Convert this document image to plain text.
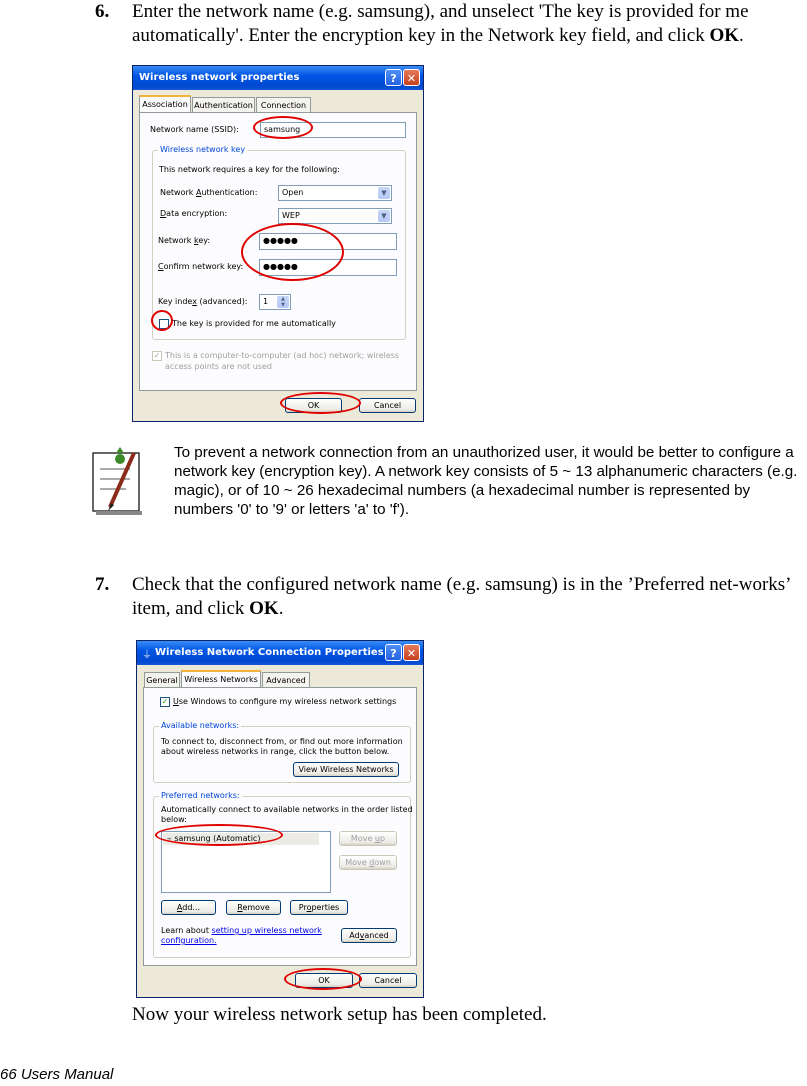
6. Enter the network name (e.g. samsung), and unselect 'The key is provided for me automatically'. Enter the encryption key in the Network key field, and click OK.
Wireless network properties	? ✕
Association Authentication	Connection
Network name (SSID):	samsung
Wireless network key
This network requires a key for the following:
Network Authentication:	Open	▼
Data encryption:	WEP	▼
Network key:	●●●●●
Confirm network key:	●●●●●
Key index (advanced):	1	▲
▼
The key is provided for me automatically
✓ This is a computer-to-computer (ad hoc) network; wireless
access points are not used
OK	Cancel
To prevent a network connection from an unauthorized user, it would be better to configure a network key (encryption key). A network key consists of 5 ~ 13 alphanumeric characters (e.g. magic), or of 10 ~ 26 hexadecimal numbers (a hexadecimal number is represented by numbers '0' to '9' or letters 'a' to 'f').
7. Check that the configured network name (e.g. samsung) is in the ’Preferred net-works’ item, and click OK.
⏚ Wireless Network Connection Properties ? ✕
General Wireless Networks	Advanced
✓ Use Windows to configure my wireless network settings
Available networks:
To connect to, disconnect from, or find out more information
about wireless networks in range, click the button below.
View Wireless Networks
Preferred networks:
Automatically connect to available networks in the order listed
below:
⌁ samsung (Automatic)	Move up
Move down
Add...	Remove	Properties
Learn about setting up wireless network
configuration.
Advanced
OK	Cancel
Now your wireless network setup has been completed.
66 Users Manual
